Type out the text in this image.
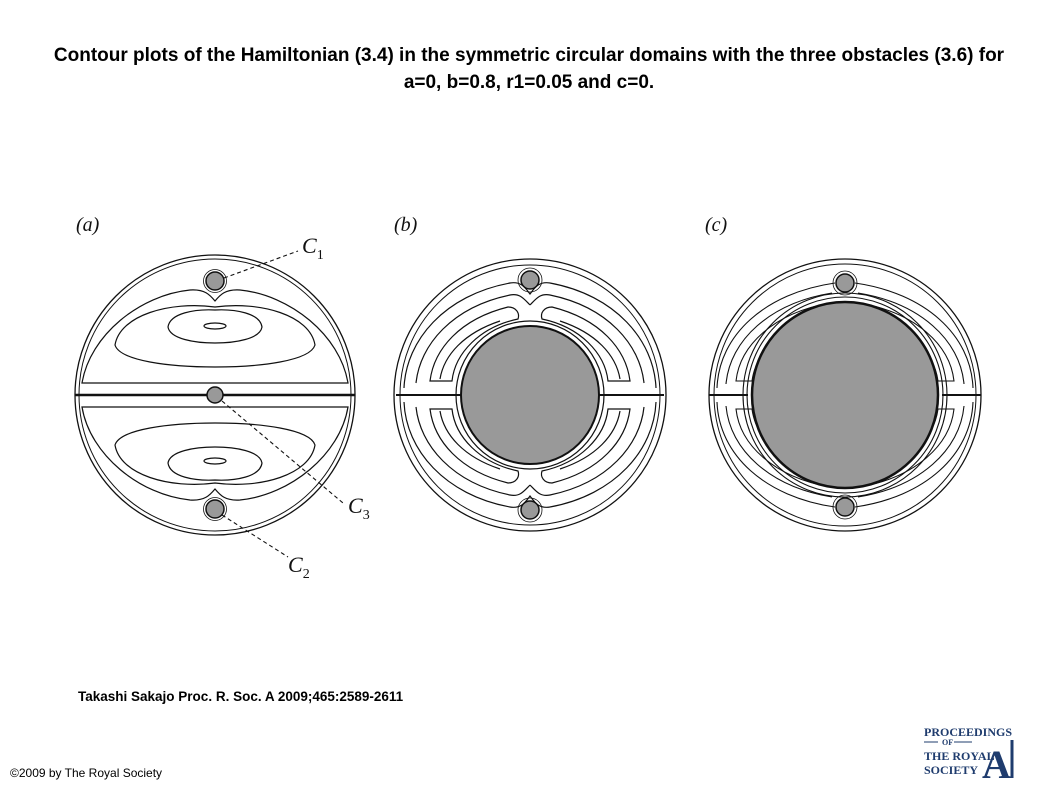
Contour plots of the Hamiltonian (3.4) in the symmetric circular domains with the three obstacles (3.6) for a=0, b=0.8, r1=0.05 and c=0.
(a)
$C_1$
$C_3$
$C_2$
(b)	(c)
Takashi Sakajo Proc. R. Soc. A 2009;465:2589-2611
©2009 by The Royal Society
PROCEEDINGS
OF
THE ROYAL
SOCIETY A
